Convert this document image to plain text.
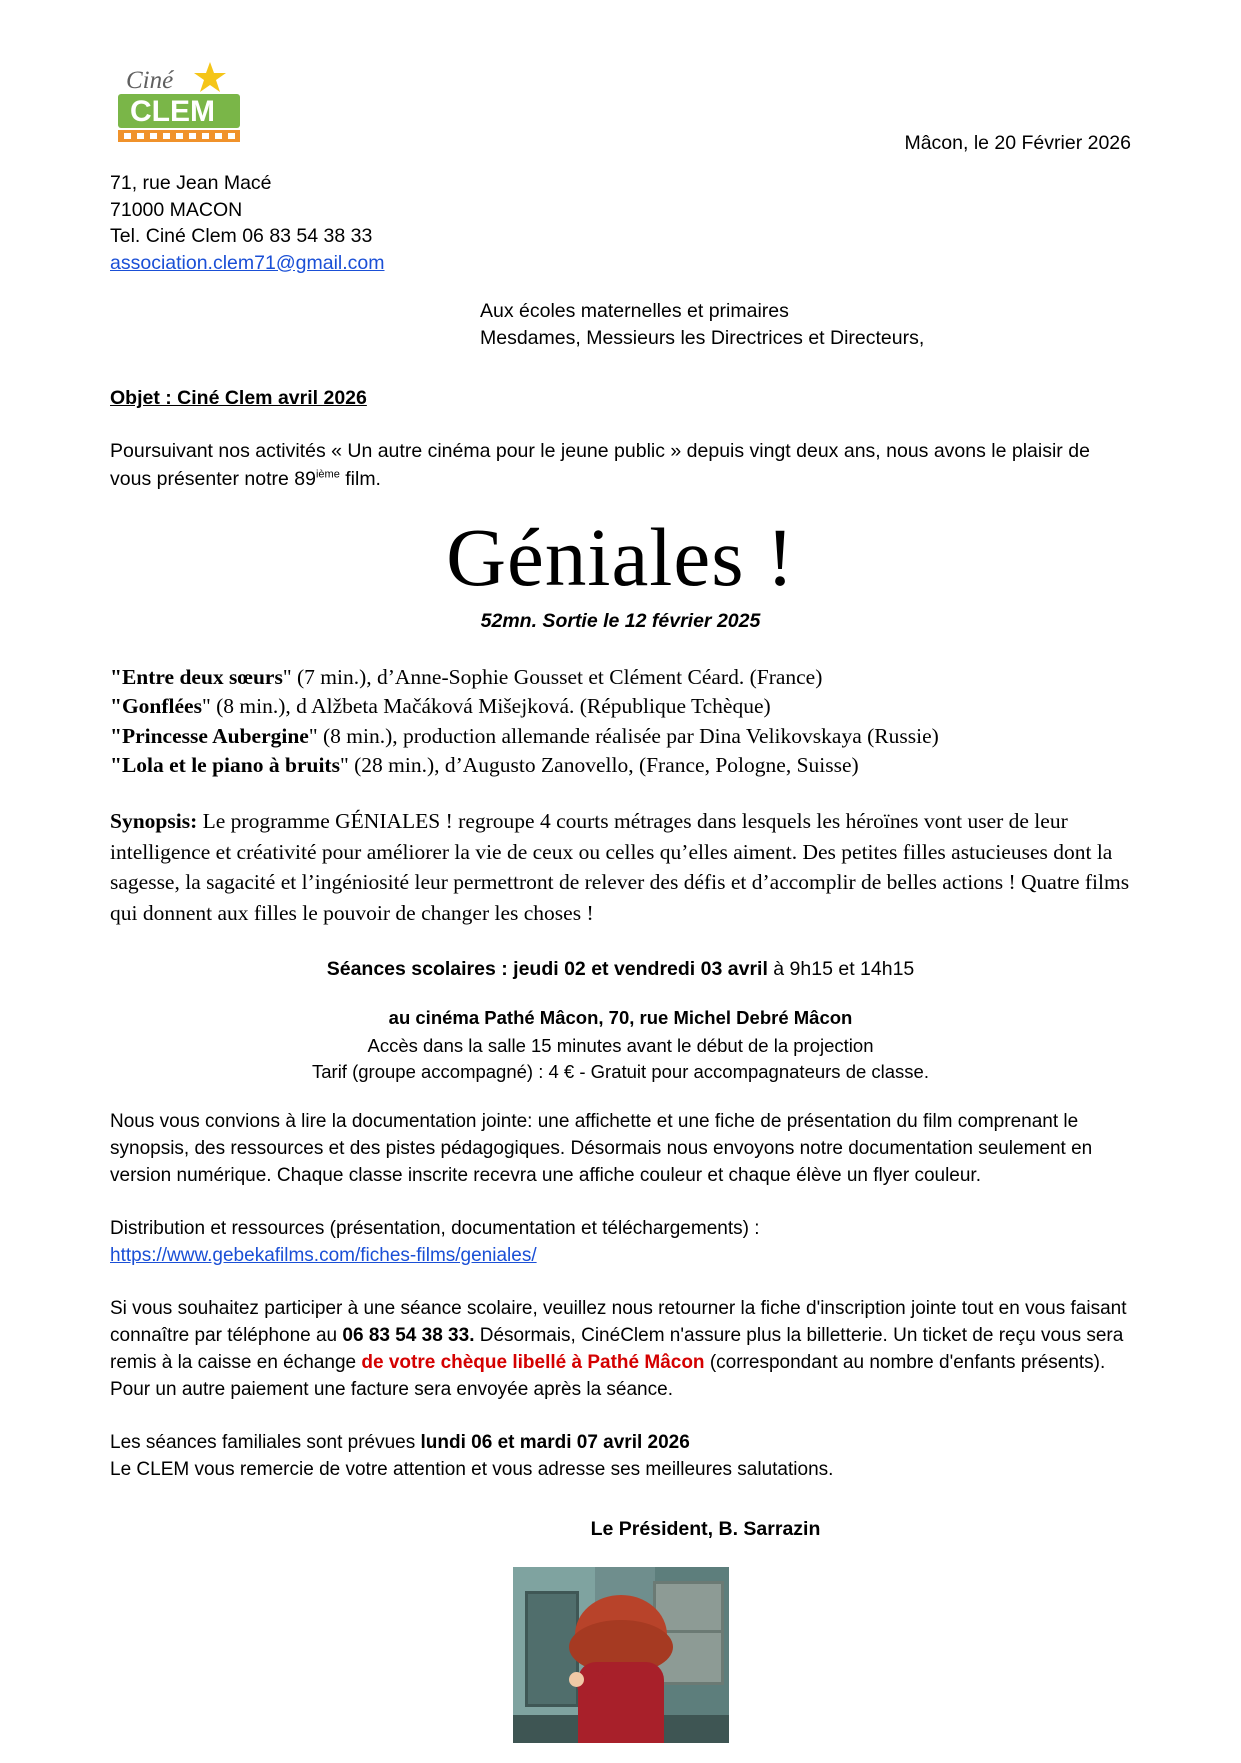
Ciné
CLEM
Mâcon, le 20 Février 2026
71, rue Jean Macé
71000 MACON
Tel. Ciné Clem 06 83 54 38 33
association.clem71@gmail.com
Aux écoles maternelles et primaires
Mesdames, Messieurs les Directrices et Directeurs,
Objet : Ciné Clem avril 2026
Poursuivant nos activités « Un autre cinéma pour le jeune public » depuis vingt deux ans, nous avons le plaisir de vous présenter notre 89ième film.
Géniales !
52mn. Sortie le 12 février 2025
"Entre deux sœurs" (7 min.), d’Anne-Sophie Gousset et Clément Céard. (France)
"Gonflées" (8 min.), d Alžbeta Mačáková Mišejková. (République Tchèque)
"Princesse Aubergine" (8 min.), production allemande réalisée par Dina Velikovskaya (Russie)
"Lola et le piano à bruits" (28 min.), d’Augusto Zanovello, (France, Pologne, Suisse)
Synopsis: Le programme GÉNIALES ! regroupe 4 courts métrages dans lesquels les héroïnes vont user de leur intelligence et créativité pour améliorer la vie de ceux ou celles qu’elles aiment. Des petites filles astucieuses dont la sagesse, la sagacité et l’ingéniosité leur permettront de relever des défis et d’accomplir de belles actions ! Quatre films qui donnent aux filles le pouvoir de changer les choses !
Séances scolaires : jeudi 02 et vendredi 03 avril à 9h15 et 14h15
au cinéma Pathé Mâcon, 70, rue Michel Debré Mâcon
Accès dans la salle 15 minutes avant le début de la projection
Tarif (groupe accompagné) : 4 € - Gratuit pour accompagnateurs de classe.
Nous vous convions à lire la documentation jointe: une affichette et une fiche de présentation du film comprenant le synopsis, des ressources et des pistes pédagogiques. Désormais nous envoyons notre documentation seulement en version numérique. Chaque classe inscrite recevra une affiche couleur et chaque élève un flyer couleur.
Distribution et ressources (présentation, documentation et téléchargements) :
https://www.gebekafilms.com/fiches-films/geniales/
Si vous souhaitez participer à une séance scolaire, veuillez nous retourner la fiche d'inscription jointe tout en vous faisant connaître par téléphone au 06 83 54 38 33. Désormais, CinéClem n'assure plus la billetterie. Un ticket de reçu vous sera remis à la caisse en échange de votre chèque libellé à Pathé Mâcon (correspondant au nombre d'enfants présents). Pour un autre paiement une facture sera envoyée après la séance.
Les séances familiales sont prévues lundi 06 et mardi 07 avril 2026
Le CLEM vous remercie de votre attention et vous adresse ses meilleures salutations.
Le Président, B. Sarrazin
